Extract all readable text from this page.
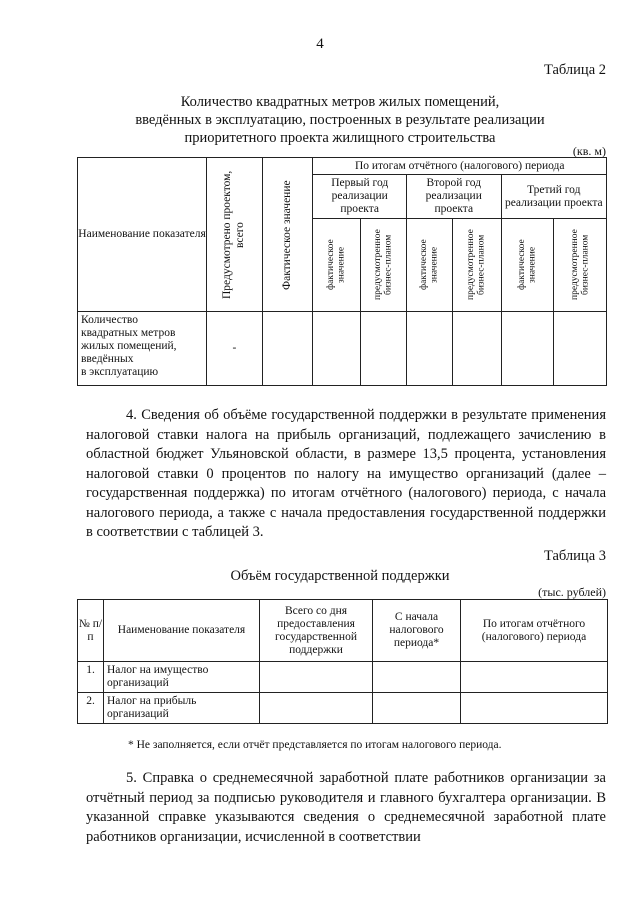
4
Таблица 2
Количество квадратных метров жилых помещений,
введённых в эксплуатацию, построенных в результате реализации
приоритетного проекта жилищного строительства
(кв. м)
Наименование показателя	Предусмотрено проектом, всего	Фактическое значение	По итогам отчётного (налогового) периода					
			Первый год реализации проекта		Второй год реализации проекта		Третий год реализации проекта	

			фактическое значение	предусмотренное бизнес-планом	фактическое значение	предусмотренное бизнес-планом	фактическое значение	предусмотренное бизнес-планом

Количество
квадратных метров
жилых помещений,
введённых
в эксплуатацию	-							
4. Сведения об объёме государственной поддержки в результате применения налоговой ставки налога на прибыль организаций, подлежащего зачислению в областной бюджет Ульяновской области, в размере 13,5 процента, установления налоговой ставки 0 процентов по налогу на имущество организаций (далее – государственная поддержка) по итогам отчётного (налогового) периода, с начала налогового периода, а также с начала предоставления государственной поддержки в соответствии с таблицей 3.
Таблица 3
Объём государственной поддержки
(тыс. рублей)
№ п/п	Наименование показателя	Всего со дня предоставления государственной поддержки	С начала налогового периода*	По итогам отчётного (налогового) периода
1.	Налог на имущество организаций			
2.	Налог на прибыль организаций			
* Не заполняется, если отчёт представляется по итогам налогового периода.
5. Справка о среднемесячной заработной плате работников организации за отчётный период за подписью руководителя и главного бухгалтера организации. В указанной справке указываются сведения о среднемесячной заработной плате работников организации, исчисленной в соответствии
